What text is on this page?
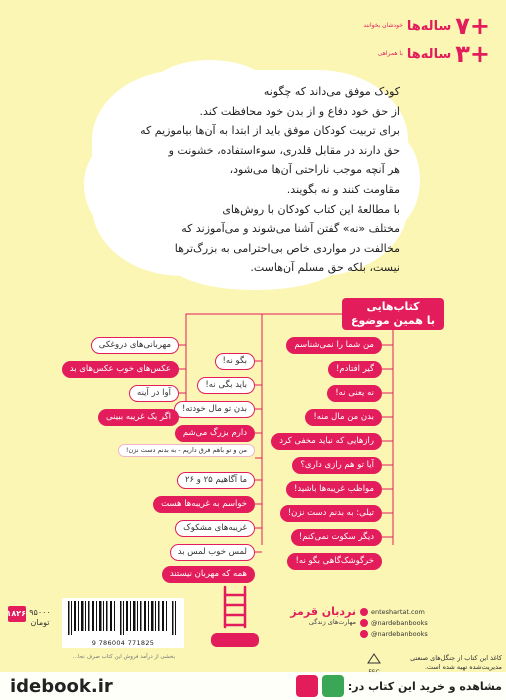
+۷
ساله‌ها
خودشان بخوانند
+۳
ساله‌ها
با همراهی

کودک موفق می‌داند که چگونه

از حق خود دفاع و از بدن خود محافظت کند.

برای تربیت کودکان موفق باید از ابتدا به آن‌ها بیاموزیم که

حق دارند در مقابل قلدری، سوءاستفاده، خشونت و

هر آنچه موجب ناراحتی آن‌ها می‌شود،

مقاومت کنند و نه بگویند.

با مطالعهٔ این کتاب کودکان با روش‌های

مختلف «نه» گفتن آشنا می‌شوند و می‌آموزند که

مخالفت در مواردی خاص بی‌احترامی به بزرگ‌ترها

نیست، بلکه حق مسلم آن‌هاست.

کتاب‌هایی
با همین موضوع
من شما را نمی‌شناسم
گیر افتادم!
نه یعنی نه!
بدن من مال منه!
رازهایی که نباید مخفی کرد
آیا تو هم رازی داری؟
مواظب غریبه‌ها باشید!
تیلی: به بدنم دست نزن!
دیگر سکوت نمی‌کنم!
خرگوشک‌گاهی بگو نه!
بگو نه!
باید بگی نه!
بدن تو مال خودته!
دارم بزرگ می‌شم
من و تو باهم فرق داریم - به بدنم دست نزن!
ما آگاهیم ۲۵ و ۲۶
خواسم به غریبه‌ها هست
غریبه‌های مشکوک
لمس خوب لمس بد
همه که مهربان نیستند
مهربانی‌های دروغکی
عکس‌های خوب عکس‌های بد
آوا در آینه
اگر یک غریبه ببینی
۱۸۲۶ ۹۵۰۰۰
تومان
9 786004 771825
نردبان قرمز
مهارت‌های زندگی
enteshartat.com
@nardebanbooks
@nardebanbooks
کاغذ این کتاب از جنگل‌های صنعتی مدیریت‌شده تهیه شده است.
بخشی از درآمد فروش این کتاب صرف نجا...
idebook.ir	مشاهده و خرید این کتاب در:
